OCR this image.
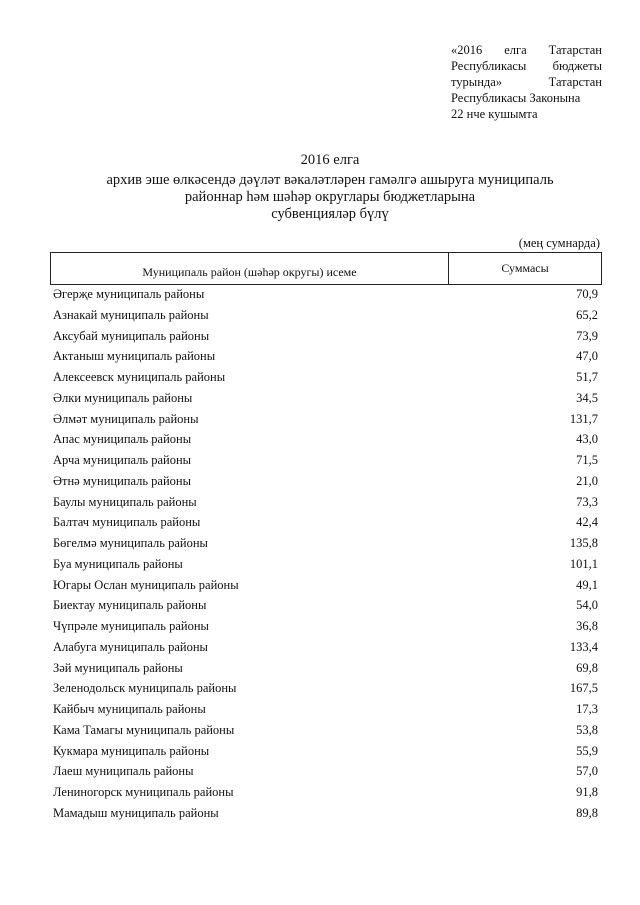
«2016 елга Татарстан
Республикасы бюджеты
турында» Татарстан
Республикасы Законына
22 нче кушымта
2016 елга
архив эше өлкәсендә дәүләт вәкаләтләрен гамәлгә ашыруга муниципаль
районнар һәм шәһәр округлары бюджетларына
субвенцияләр бүлү
(мең сумнарда)
Муниципаль район (шәһәр округы) исеме	Суммасы
Әгерҗе муниципаль районы	70,9
Азнакай муниципаль районы	65,2
Аксубай муниципаль районы	73,9
Актаныш муниципаль районы	47,0
Алексеевск муниципаль районы	51,7
Әлки муниципаль районы	34,5
Әлмәт муниципаль районы	131,7
Апас муниципаль районы	43,0
Арча муниципаль районы	71,5
Әтнә муниципаль районы	21,0
Баулы муниципаль районы	73,3
Балтач муниципаль районы	42,4
Бөгелмә муниципаль районы	135,8
Буа муниципаль районы	101,1
Югары Ослан муниципаль районы	49,1
Биектау муниципаль районы	54,0
Чүпрәле муниципаль районы	36,8
Алабуга муниципаль районы	133,4
Зәй муниципаль районы	69,8
Зеленодольск муниципаль районы	167,5
Кайбыч муниципаль районы	17,3
Кама Тамагы муниципаль районы	53,8
Кукмара муниципаль районы	55,9
Лаеш муниципаль районы	57,0
Лениногорск муниципаль районы	91,8
Мамадыш муниципаль районы	89,8
